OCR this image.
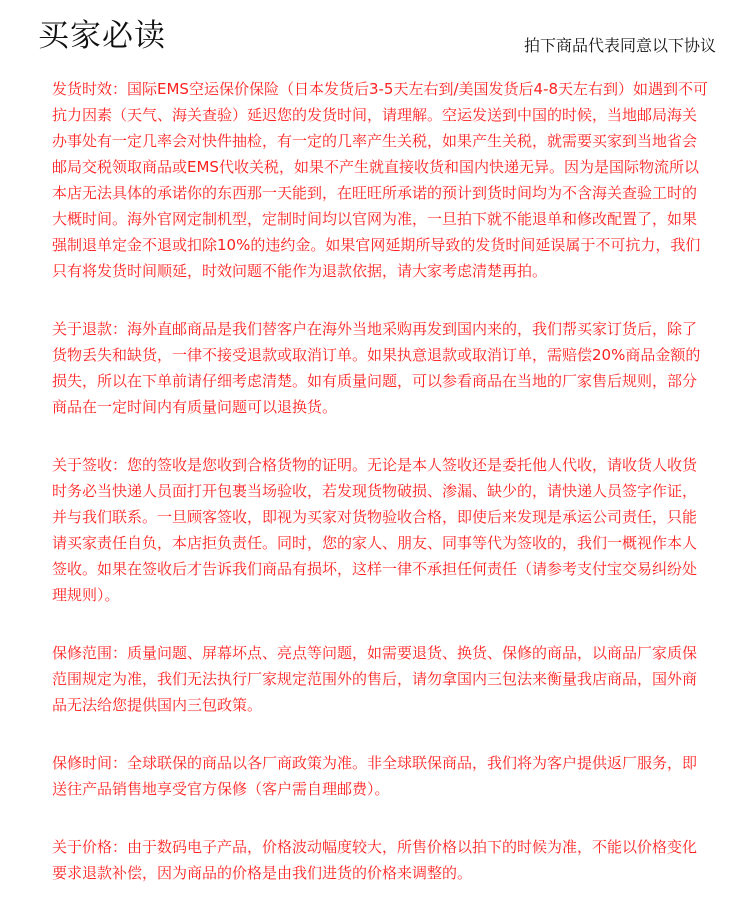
买家必读	拍下商品代表同意以下协议

发货时效：国际EMS空运保价保险（日本发货后3-5天左右到/美国发货后4-8天左右到）如遇到不可抗力因素（天气、海关查验）延迟您的发货时间，请理解。空运发送到中国的时候，当地邮局海关办事处有一定几率会对快件抽检，有一定的几率产生关税，如果产生关税，就需要买家到当地省会邮局交税领取商品或EMS代收关税，如果不产生就直接收货和国内快递无异。因为是国际物流所以本店无法具体的承诺你的东西那一天能到，在旺旺所承诺的预计到货时间均为不含海关查验工时的大概时间。海外官网定制机型，定制时间均以官网为准，一旦拍下就不能退单和修改配置了，如果强制退单定金不退或扣除10%的违约金。如果官网延期所导致的发货时间延误属于不可抗力，我们只有将发货时间顺延，时效问题不能作为退款依据，请大家考虑清楚再拍。

关于退款：海外直邮商品是我们替客户在海外当地采购再发到国内来的，我们帮买家订货后，除了货物丢失和缺货，一律不接受退款或取消订单。如果执意退款或取消订单，需赔偿20%商品金额的损失，所以在下单前请仔细考虑清楚。如有质量问题，可以参看商品在当地的厂家售后规则，部分商品在一定时间内有质量问题可以退换货。

关于签收：您的签收是您收到合格货物的证明。无论是本人签收还是委托他人代收，请收货人收货时务必当快递人员面打开包裹当场验收，若发现货物破损、渗漏、缺少的，请快递人员签字作证，并与我们联系。一旦顾客签收，即视为买家对货物验收合格，即使后来发现是承运公司责任，只能请买家责任自负，本店拒负责任。同时，您的家人、朋友、同事等代为签收的，我们一概视作本人签收。如果在签收后才告诉我们商品有损坏，这样一律不承担任何责任（请参考支付宝交易纠纷处理规则）。

保修范围：质量问题、屏幕坏点、亮点等问题，如需要退货、换货、保修的商品，以商品厂家质保范围规定为准，我们无法执行厂家规定范围外的售后，请勿拿国内三包法来衡量我店商品，国外商品无法给您提供国内三包政策。

保修时间：全球联保的商品以各厂商政策为准。非全球联保商品，我们将为客户提供返厂服务，即送往产品销售地享受官方保修（客户需自理邮费）。

关于价格：由于数码电子产品，价格波动幅度较大，所售价格以拍下的时候为准，不能以价格变化要求退款补偿，因为商品的价格是由我们进货的价格来调整的。
